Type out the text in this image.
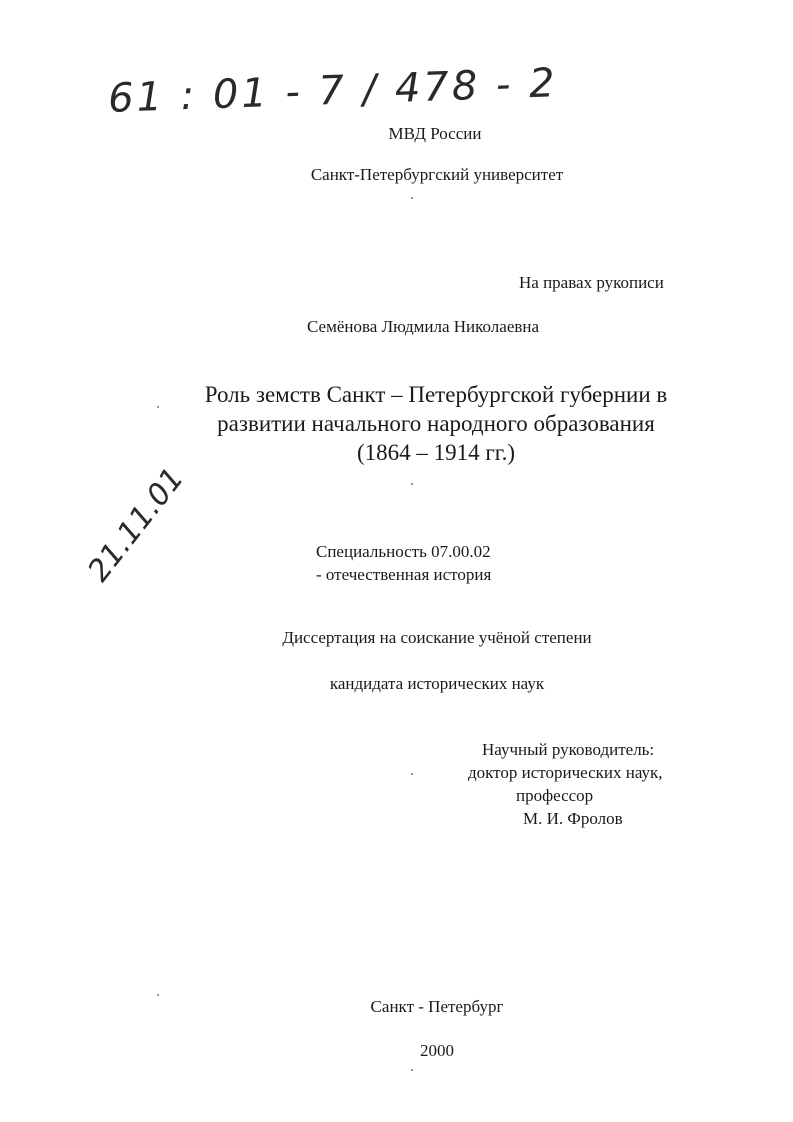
61 : 01 - 7 / 478 - 2
21.11.01
МВД России
Санкт-Петербургский университет
На правах рукописи
Семёнова Людмила Николаевна
Роль земств Санкт – Петербургской губернии в
развитии начального народного образования
(1864 – 1914 гг.)
Специальность 07.00.02
- отечественная история
Диссертация на соискание учёной степени
кандидата исторических наук
Научный руководитель:
доктор исторических наук,
профессор
М. И. Фролов
Санкт - Петербург
2000
